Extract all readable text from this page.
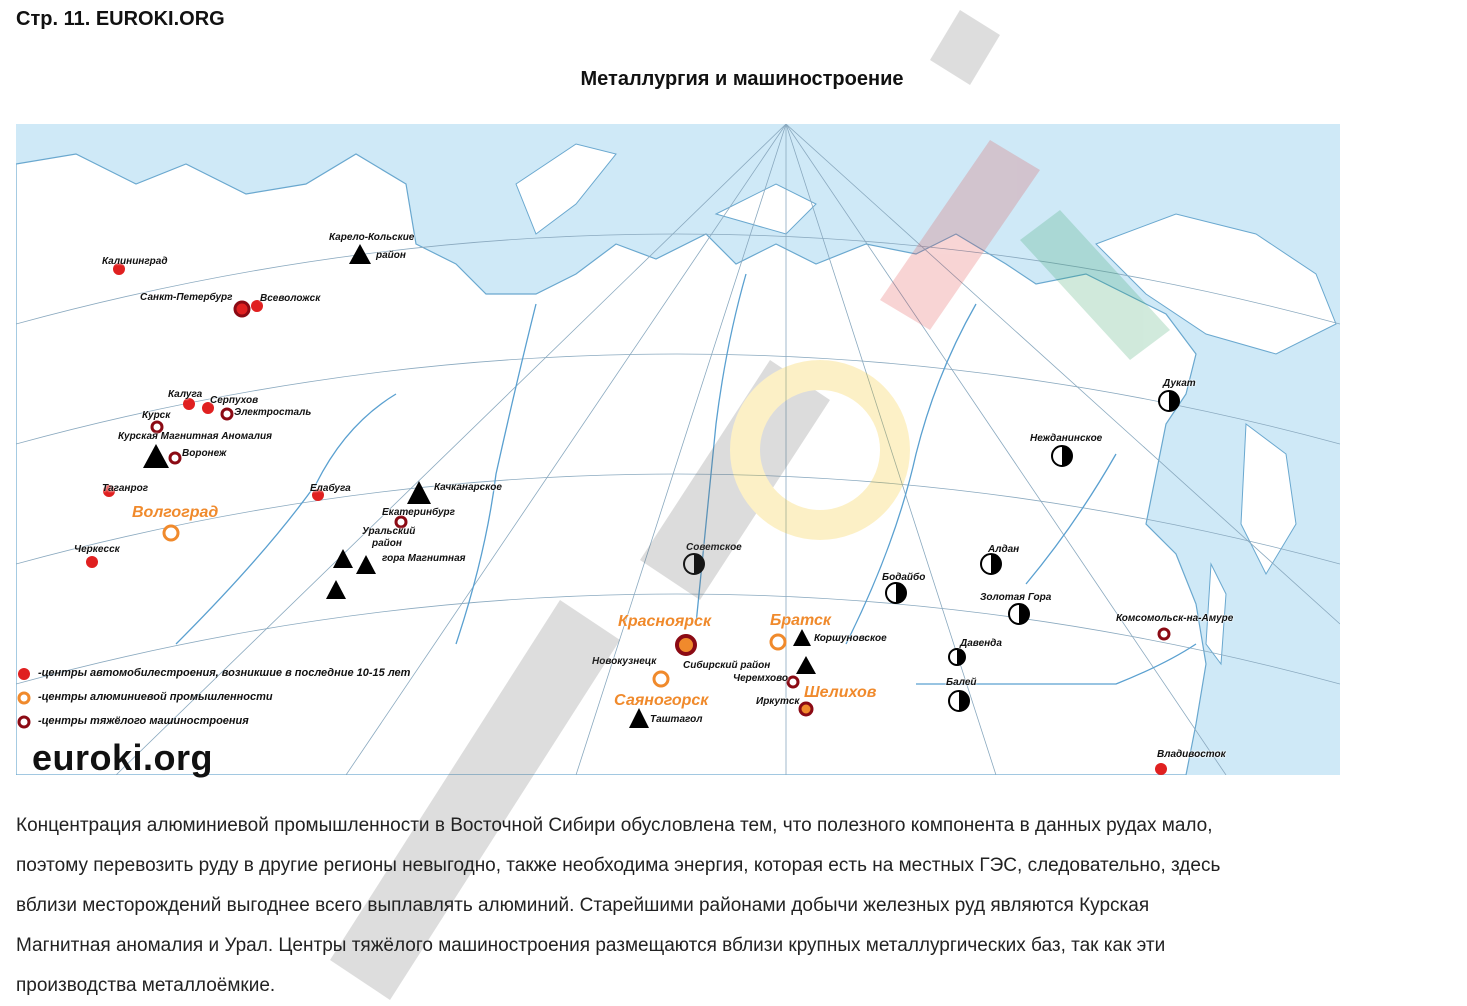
Стр. 11. EUROKI.ORG
Металлургия и машиностроение
Калининград
Санкт-Петербург	Всеволожск
Карело-Кольские
район
Калуга
Серпухов
Электросталь
Курск
Курская Магнитная Аномалия
Воронеж
Таганрог	Елабуга	Качканарское
Екатеринбург
Уральский
район
гора Магнитная
Черкесск
Волгоград
Советское
Красноярск
Новокузнецк	Сибирский район
Саяногорск
Таштагол
Братск
Коршуновское
Черемхово
Иркутск
Шелихов
Бодайбо
Алдан
Золотая Гора
Давенда
Балей
Комсомольск-на-Амуре
Владивосток
Дукат
Нежданинское
-центры автомобилестроения, возникшие в последние 10-15 лет
-центры алюминиевой промышленности
-центры тяжёлого машиностроения
euroki.org

Концентрация алюминиевой промышленности в Восточной Сибири обусловлена тем, что полезного компонента в данных рудах мало,

поэтому перевозить руду в другие регионы невыгодно, также необходима энергия, которая есть на местных ГЭС, следовательно, здесь

вблизи месторождений выгоднее всего выплавлять алюминий. Старейшими районами добычи железных руд являются Курская

Магнитная аномалия и Урал. Центры тяжёлого машиностроения размещаются вблизи крупных металлургических баз, так как эти

производства металлоёмкие.
